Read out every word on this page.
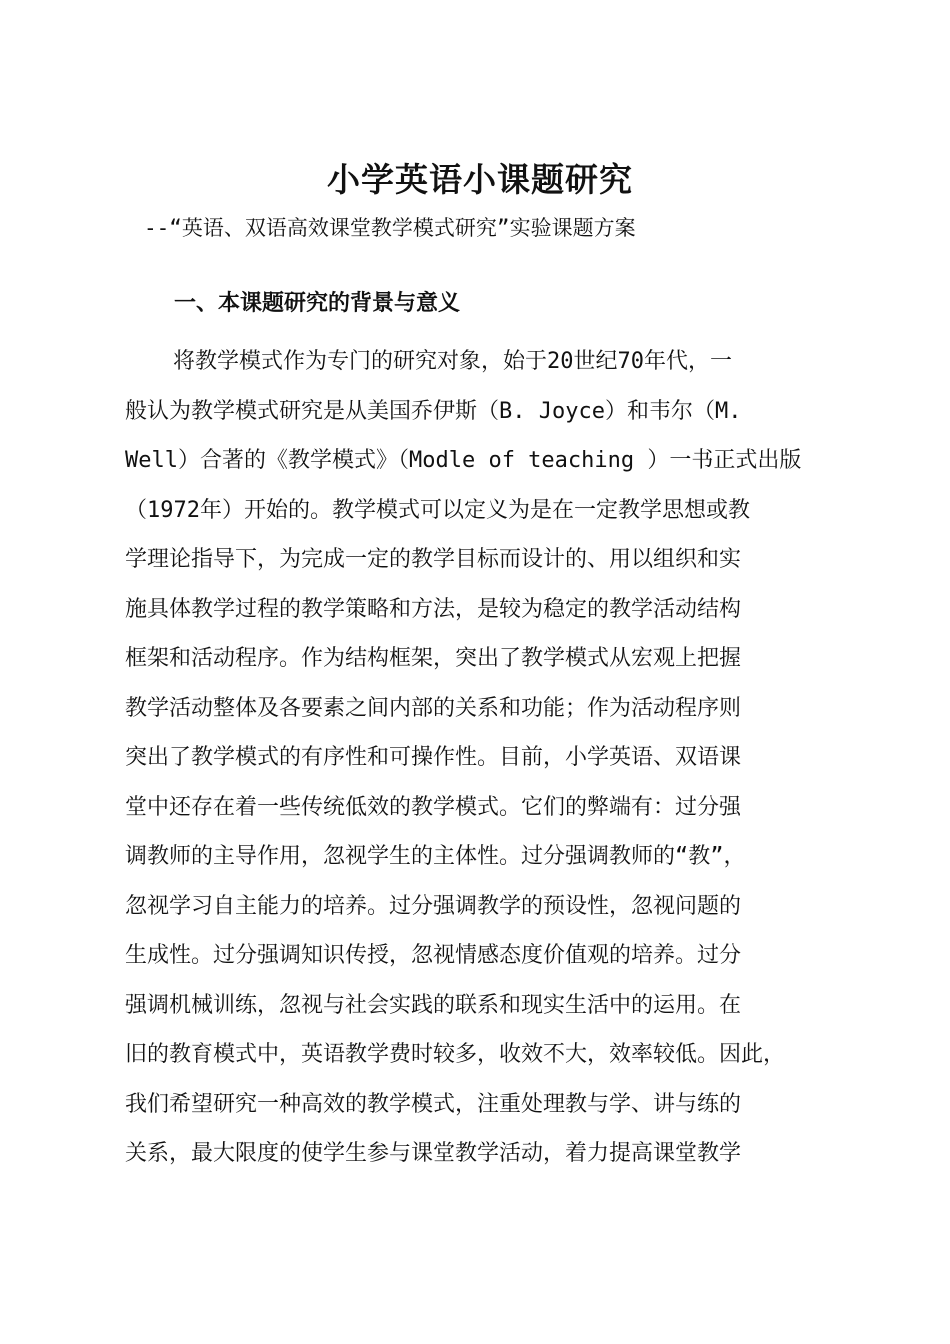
小学英语小课题研究
--“英语、双语高效课堂教学模式研究”实验课题方案
一、本课题研究的背景与意义
将教学模式作为专门的研究对象，始于20世纪70年代，一
般认为教学模式研究是从美国乔伊斯（B. Joyce）和韦尔（M.
Well）合著的《教学模式》（Modle of teaching ）一书正式出版
（1972年）开始的。教学模式可以定义为是在一定教学思想或教
学理论指导下，为完成一定的教学目标而设计的、用以组织和实
施具体教学过程的教学策略和方法，是较为稳定的教学活动结构
框架和活动程序。作为结构框架，突出了教学模式从宏观上把握
教学活动整体及各要素之间内部的关系和功能；作为活动程序则
突出了教学模式的有序性和可操作性。目前，小学英语、双语课
堂中还存在着一些传统低效的教学模式。它们的弊端有：过分强
调教师的主导作用，忽视学生的主体性。过分强调教师的“教”，
忽视学习自主能力的培养。过分强调教学的预设性，忽视问题的
生成性。过分强调知识传授，忽视情感态度价值观的培养。过分
强调机械训练，忽视与社会实践的联系和现实生活中的运用。在
旧的教育模式中，英语教学费时较多，收效不大，效率较低。因此，
我们希望研究一种高效的教学模式，注重处理教与学、讲与练的
关系，最大限度的使学生参与课堂教学活动，着力提高课堂教学
